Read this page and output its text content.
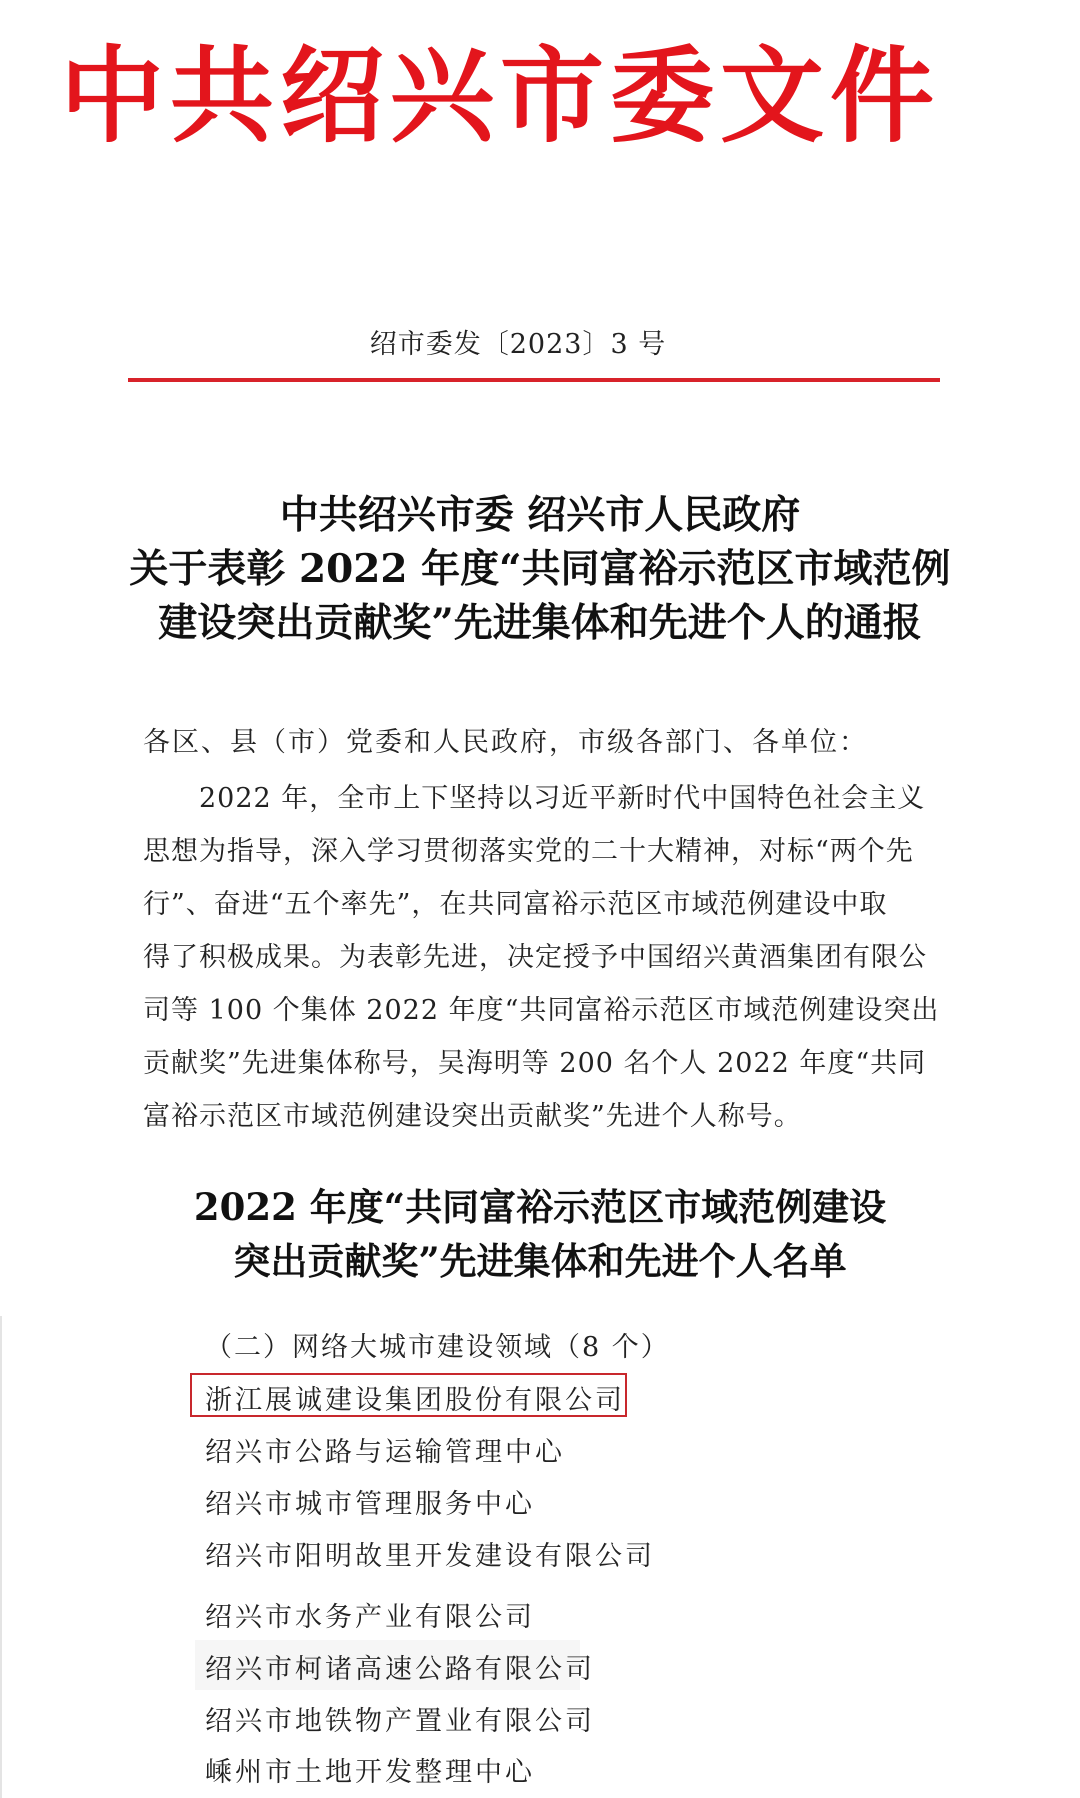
中共绍兴市委文件
绍市委发〔2023〕3 号
中共绍兴市委 绍兴市人民政府
关于表彰 2022 年度“共同富裕示范区市域范例
建设突出贡献奖”先进集体和先进个人的通报
各区、县（市）党委和人民政府，市级各部门、各单位：
　　2022 年，全市上下坚持以习近平新时代中国特色社会主义
思想为指导，深入学习贯彻落实党的二十大精神，对标“两个先
行”、奋进“五个率先”，在共同富裕示范区市域范例建设中取
得了积极成果。为表彰先进，决定授予中国绍兴黄酒集团有限公
司等 100 个集体 2022 年度“共同富裕示范区市域范例建设突出
贡献奖”先进集体称号，吴海明等 200 名个人 2022 年度“共同
富裕示范区市域范例建设突出贡献奖”先进个人称号。
2022 年度“共同富裕示范区市域范例建设
突出贡献奖”先进集体和先进个人名单
（二）网络大城市建设领域（8 个）
浙江展诚建设集团股份有限公司
绍兴市公路与运输管理中心
绍兴市城市管理服务中心
绍兴市阳明故里开发建设有限公司
绍兴市水务产业有限公司
绍兴市柯诸高速公路有限公司
绍兴市地铁物产置业有限公司
嵊州市土地开发整理中心
